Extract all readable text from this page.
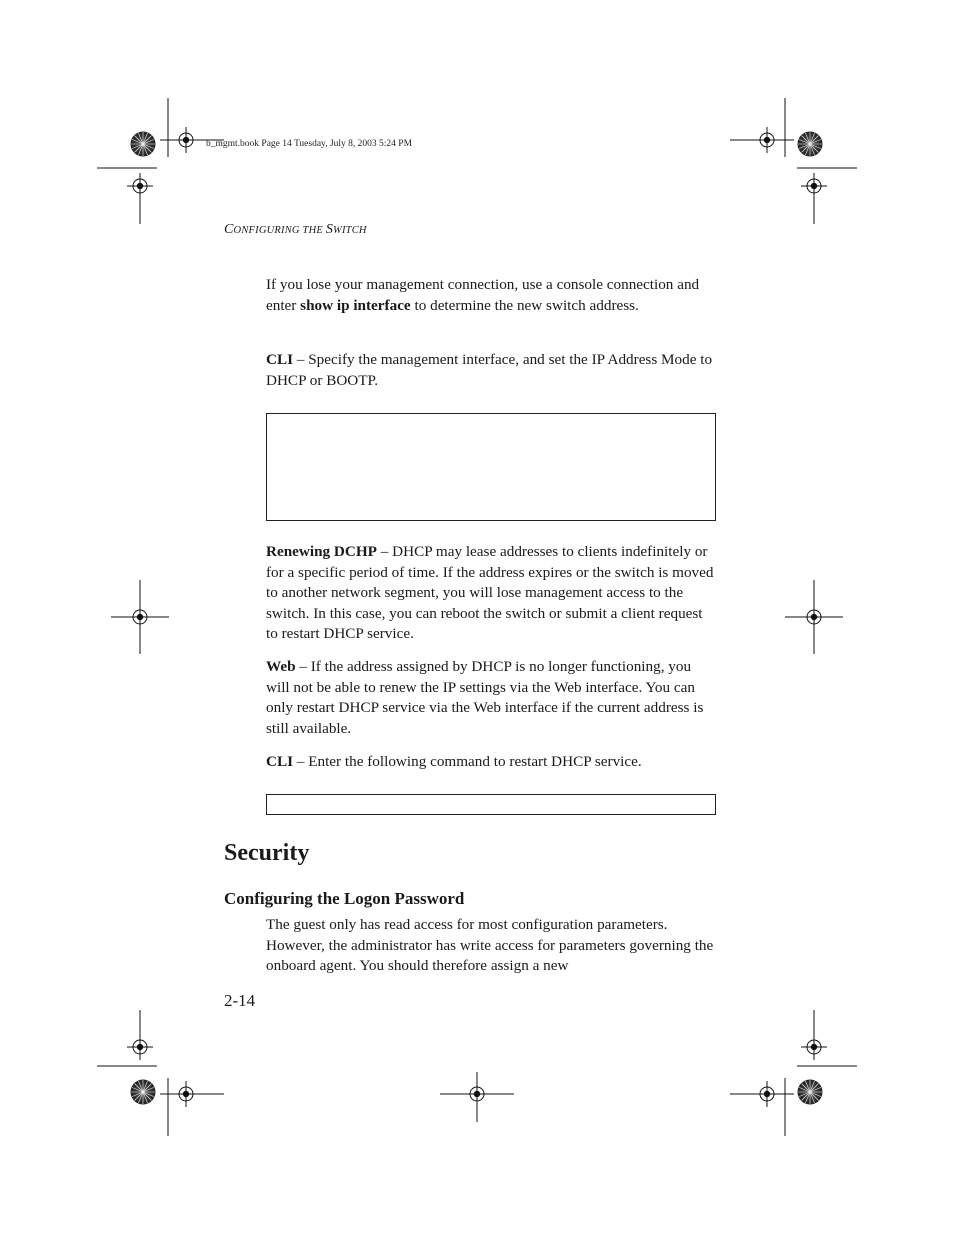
b_mgmt.book Page 14 Tuesday, July 8, 2003 5:24 PM
CONFIGURING THE SWITCH

If you lose your management connection, use a console connection and enter show ip interface to determine the new switch address.

CLI – Specify the management interface, and set the IP Address Mode to DHCP or BOOTP.

Renewing DCHP – DHCP may lease addresses to clients indefinitely or for a specific period of time. If the address expires or the switch is moved to another network segment, you will lose management access to the switch. In this case, you can reboot the switch or submit a client request to restart DHCP service.

Web – If the address assigned by DHCP is no longer functioning, you will not be able to renew the IP settings via the Web interface. You can only restart DHCP service via the Web interface if the current address is still available.

CLI – Enter the following command to restart DHCP service.

Security
Configuring the Logon Password

The guest only has read access for most configuration parameters. However, the administrator has write access for parameters governing the onboard agent. You should therefore assign a new

2-14
